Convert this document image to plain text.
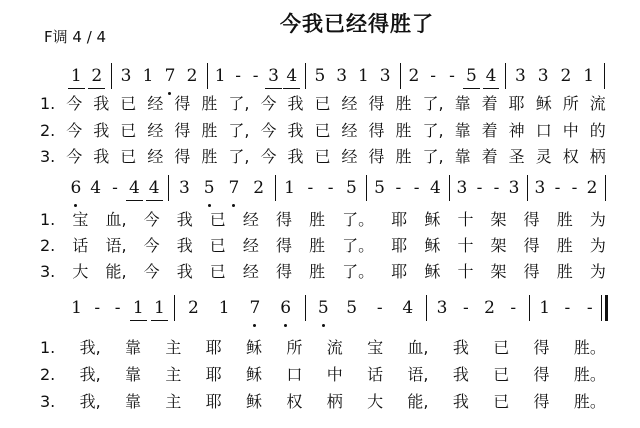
F调 4 / 4
今我已经得胜了
1 2 3 1 7 2 1 - - 3 4 5 3 1 3 2 - - 5 4 3 3 2 1
1. 今 我 已 经 得 胜 了, 今 我 已 经 得 胜 了, 靠 着 耶 稣 所 流
2. 今 我 已 经 得 胜 了, 今 我 已 经 得 胜 了, 靠 着 神 口 中 的
3. 今 我 已 经 得 胜 了, 今 我 已 经 得 胜 了, 靠 着 圣 灵 权 柄
6 4 - 4 4 3 5 7 2 1 - - 5 5 - - 4 3 - - 3 3 - - 2
1. 宝 血, 今 我 已 经 得 胜 了。 耶 稣 十 架 得 胜 为
2. 话 语, 今 我 已 经 得 胜 了。 耶 稣 十 架 得 胜 为
3. 大 能, 今 我 已 经 得 胜 了。 耶 稣 十 架 得 胜 为
1 - - 1 1 2 1 7 6 5 5 - 4 3 - 2 - 1 - -
1. 我, 靠 主 耶 稣 所 流 宝 血, 我 已 得 胜。
2. 我, 靠 主 耶 稣 口 中 话 语, 我 已 得 胜。
3. 我, 靠 主 耶 稣 权 柄 大 能, 我 已 得 胜。
